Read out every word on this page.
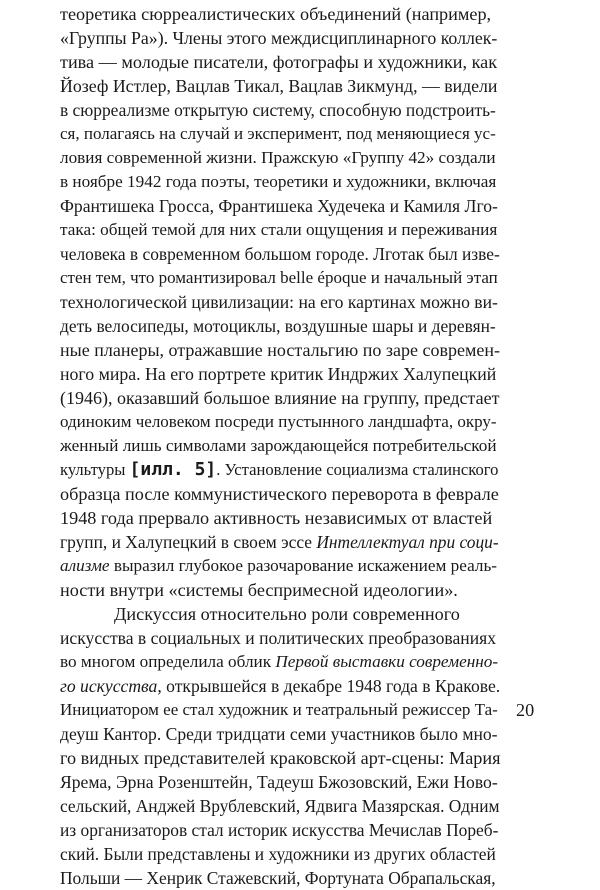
теоретика сюрреалистических объединений (например,
«Группы Ра»). Члены этого междисциплинарного коллек-
тива — молодые писатели, фотографы и художники, как
Йозеф Истлер, Вацлав Тикал, Вацлав Зикмунд, — видели
в сюрреализме открытую систему, способную подстроить-
ся, полагаясь на случай и эксперимент, под меняющиеся ус-
ловия современной жизни. Пражскую «Группу 42» создали
в ноябре 1942 года поэты, теоретики и художники, включая
Франтишека Гросса, Франтишека Худечека и Камиля Лго-
така: общей темой для них стали ощущения и переживания
человека в современном большом городе. Лготак был изве-
стен тем, что романтизировал belle époque и начальный этап
технологической цивилизации: на его картинах можно ви-
деть велосипеды, мотоциклы, воздушные шары и деревян-
ные планеры, отражавшие ностальгию по заре современ-
ного мира. На его портрете критик Индржих Халупецкий
(1946), оказавший большое влияние на группу, предстает
одиноким человеком посреди пустынного ландшафта, окру-
женный лишь символами зарождающейся потребительской
культуры [илл. 5]. Установление социализма сталинского
образца после коммунистического переворота в феврале
1948 года прервало активность независимых от властей
групп, и Халупецкий в своем эссе Интеллектуал при соци-
ализме выразил глубокое разочарование искажением реаль-
ности внутри «системы беспримесной идеологии».
Дискуссия относительно роли современного
искусства в социальных и политических преобразованиях
во многом определила облик Первой выставки современно-
го искусства, открывшейся в декабре 1948 года в Кракове.
Инициатором ее стал художник и театральный режиссер Та-
деуш Кантор. Среди тридцати семи участников было мно-
го видных представителей краковской арт-сцены: Мария
Ярема, Эрна Розенштейн, Тадеуш Бжозовский, Ежи Ново-
сельский, Анджей Врублевский, Ядвига Мазярская. Одним
из организаторов стал историк искусства Мечислав Пореб-
ский. Были представлены и художники из других областей
Польши — Хенрик Стажевский, Фортуната Обрапальская,
20
